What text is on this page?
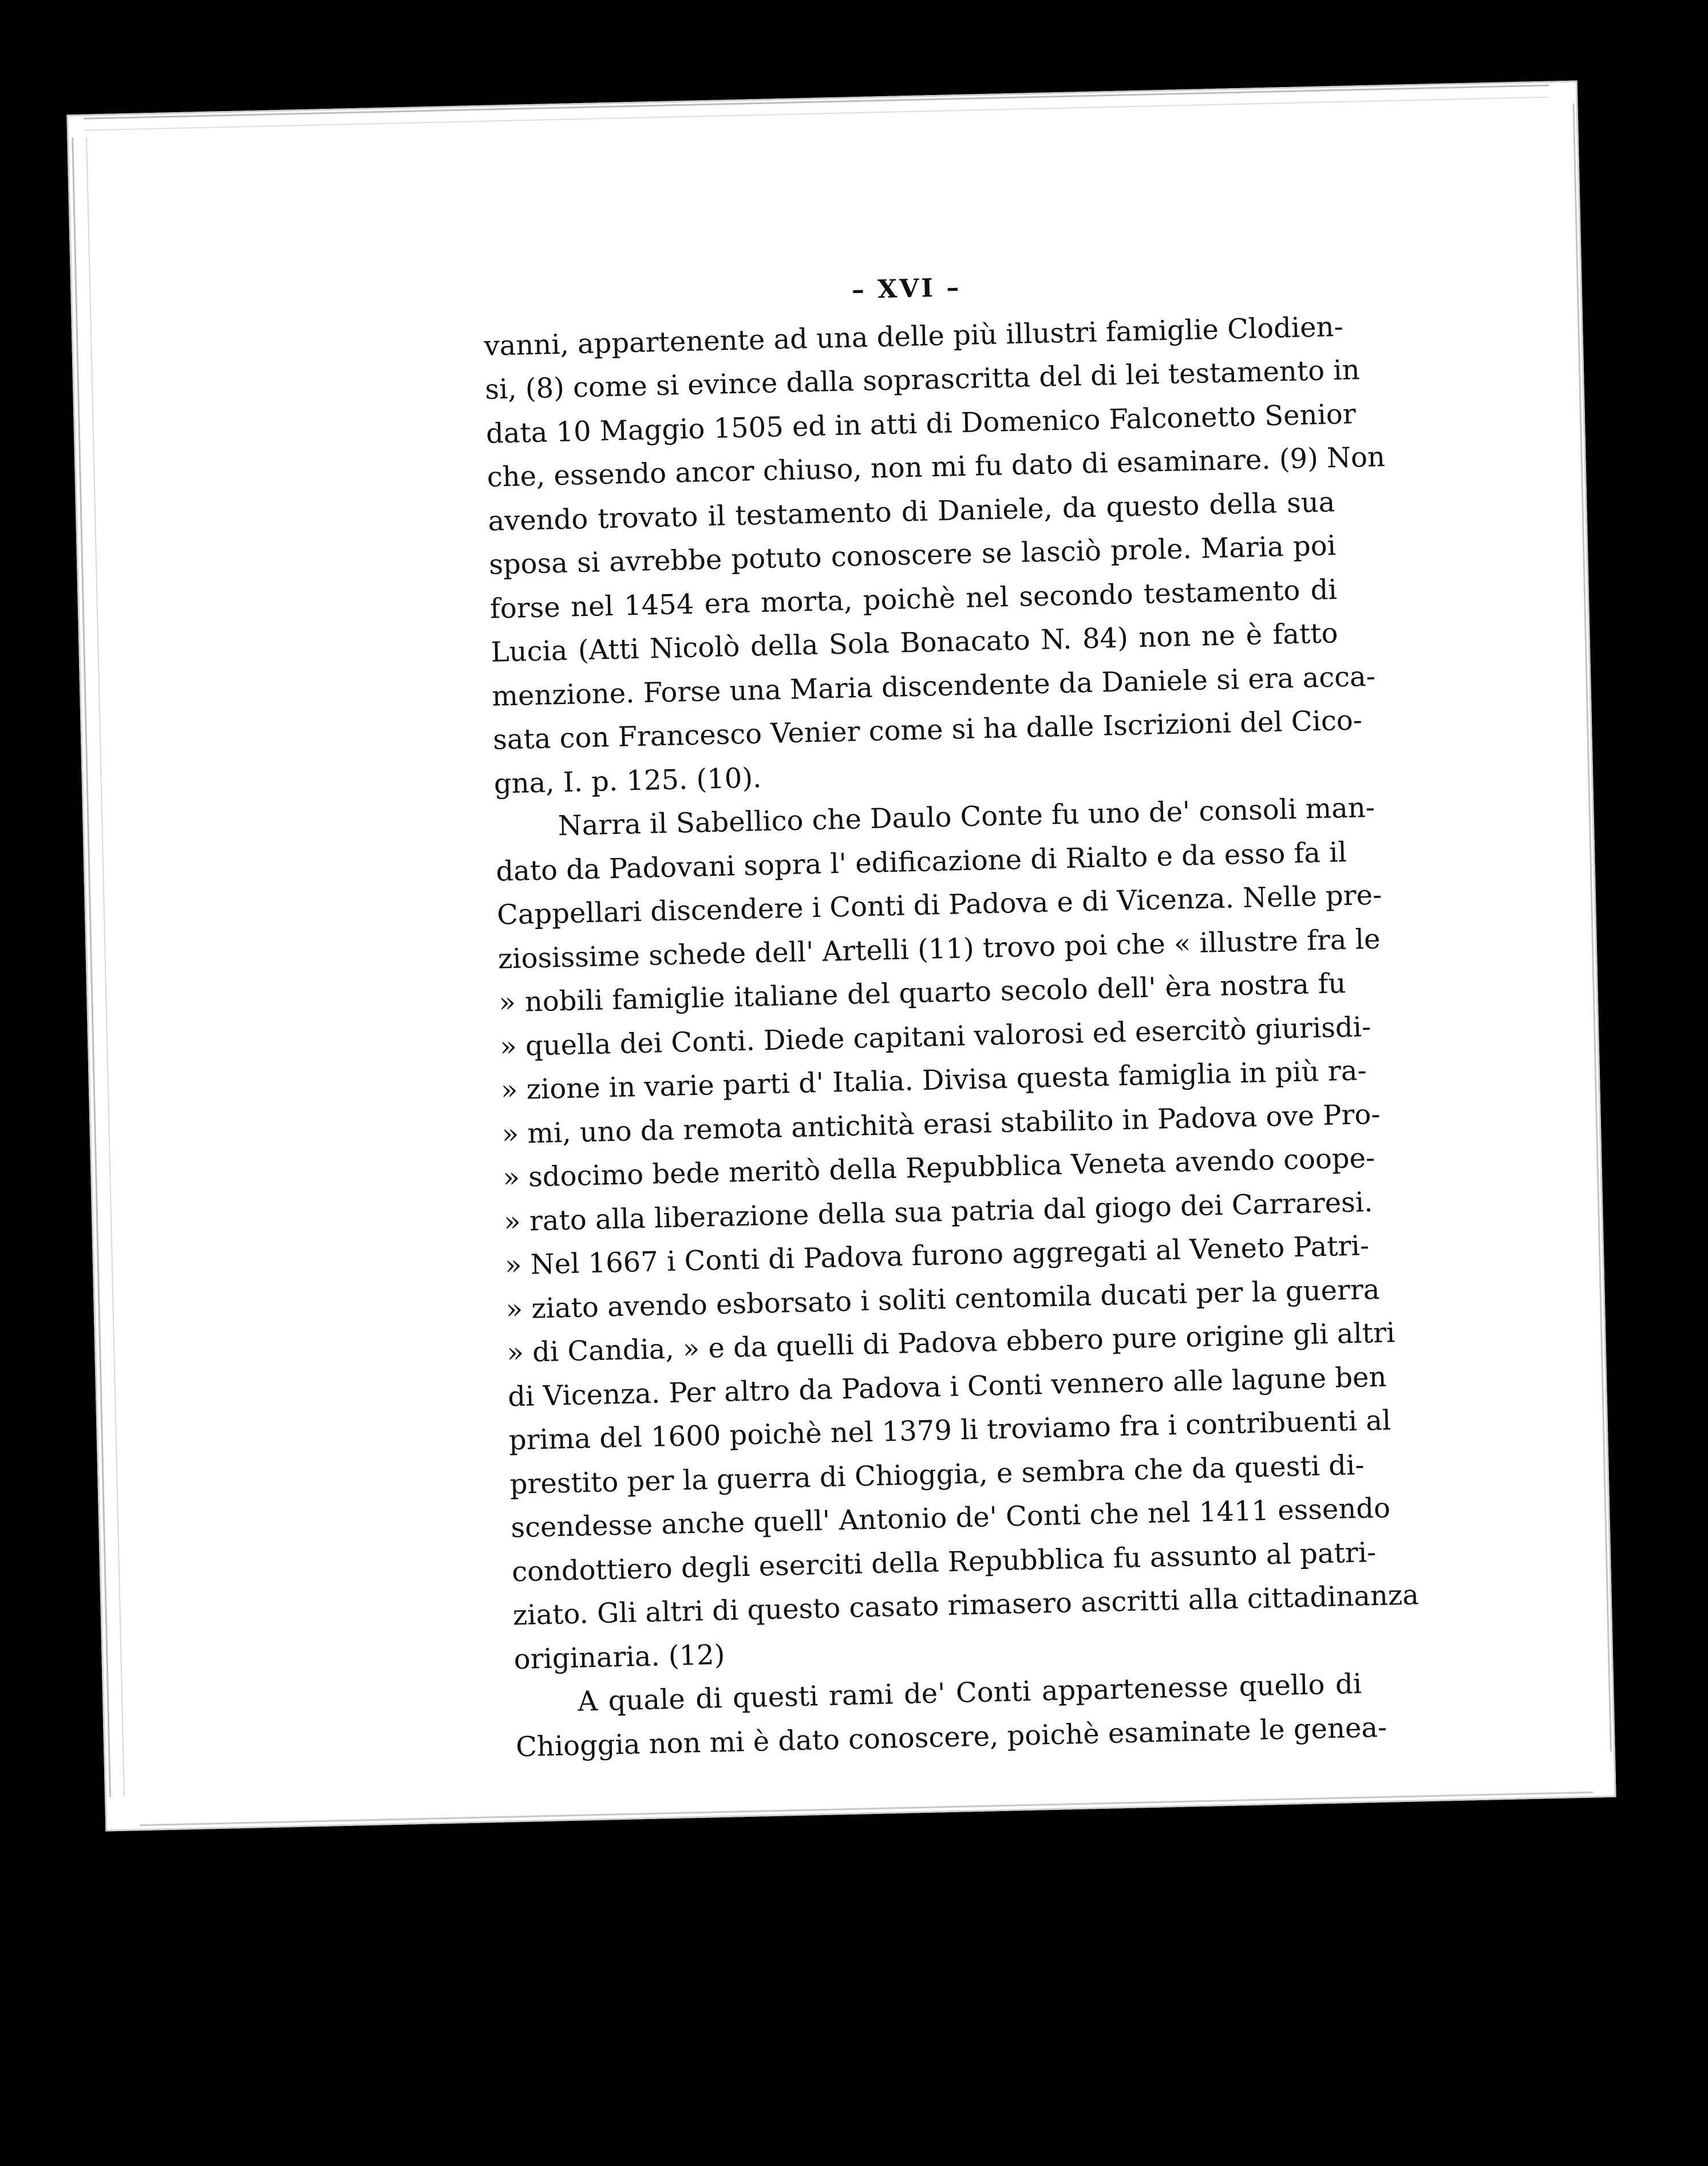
– XVI –
vanni, appartenente ad una delle più illustri famiglie Clodien-
si, (8) come si evince dalla soprascritta del di lei testamento in
data 10 Maggio 1505 ed in atti di Domenico Falconetto Senior
che, essendo ancor chiuso, non mi fu dato di esaminare. (9) Non
avendo trovato il testamento di Daniele, da questo della sua
sposa si avrebbe potuto conoscere se lasciò prole. Maria poi
forse nel 1454 era morta, poichè nel secondo testamento di
Lucia (Atti Nicolò della Sola Bonacato N. 84) non ne è fatto
menzione. Forse una Maria discendente da Daniele si era acca-
sata con Francesco Venier come si ha dalle Iscrizioni del Cico-
gna, I. p. 125. (10).
Narra il Sabellico che Daulo Conte fu uno de' consoli man-
dato da Padovani sopra l' edificazione di Rialto e da esso fa il
Cappellari discendere i Conti di Padova e di Vicenza. Nelle pre-
ziosissime schede dell' Artelli (11) trovo poi che « illustre fra le
» nobili famiglie italiane del quarto secolo dell' èra nostra fu
» quella dei Conti. Diede capitani valorosi ed esercitò giurisdi-
» zione in varie parti d' Italia. Divisa questa famiglia in più ra-
» mi, uno da remota antichità erasi stabilito in Padova ove Pro-
» sdocimo bede meritò della Repubblica Veneta avendo coope-
» rato alla liberazione della sua patria dal giogo dei Carraresi.
» Nel 1667 i Conti di Padova furono aggregati al Veneto Patri-
» ziato avendo esborsato i soliti centomila ducati per la guerra
» di Candia, » e da quelli di Padova ebbero pure origine gli altri
di Vicenza. Per altro da Padova i Conti vennero alle lagune ben
prima del 1600 poichè nel 1379 li troviamo fra i contribuenti al
prestito per la guerra di Chioggia, e sembra che da questi di-
scendesse anche quell' Antonio de' Conti che nel 1411 essendo
condottiero degli eserciti della Repubblica fu assunto al patri-
ziato. Gli altri di questo casato rimasero ascritti alla cittadinanza
originaria. (12)
A quale di questi rami de' Conti appartenesse quello di
Chioggia non mi è dato conoscere, poichè esaminate le genea-
